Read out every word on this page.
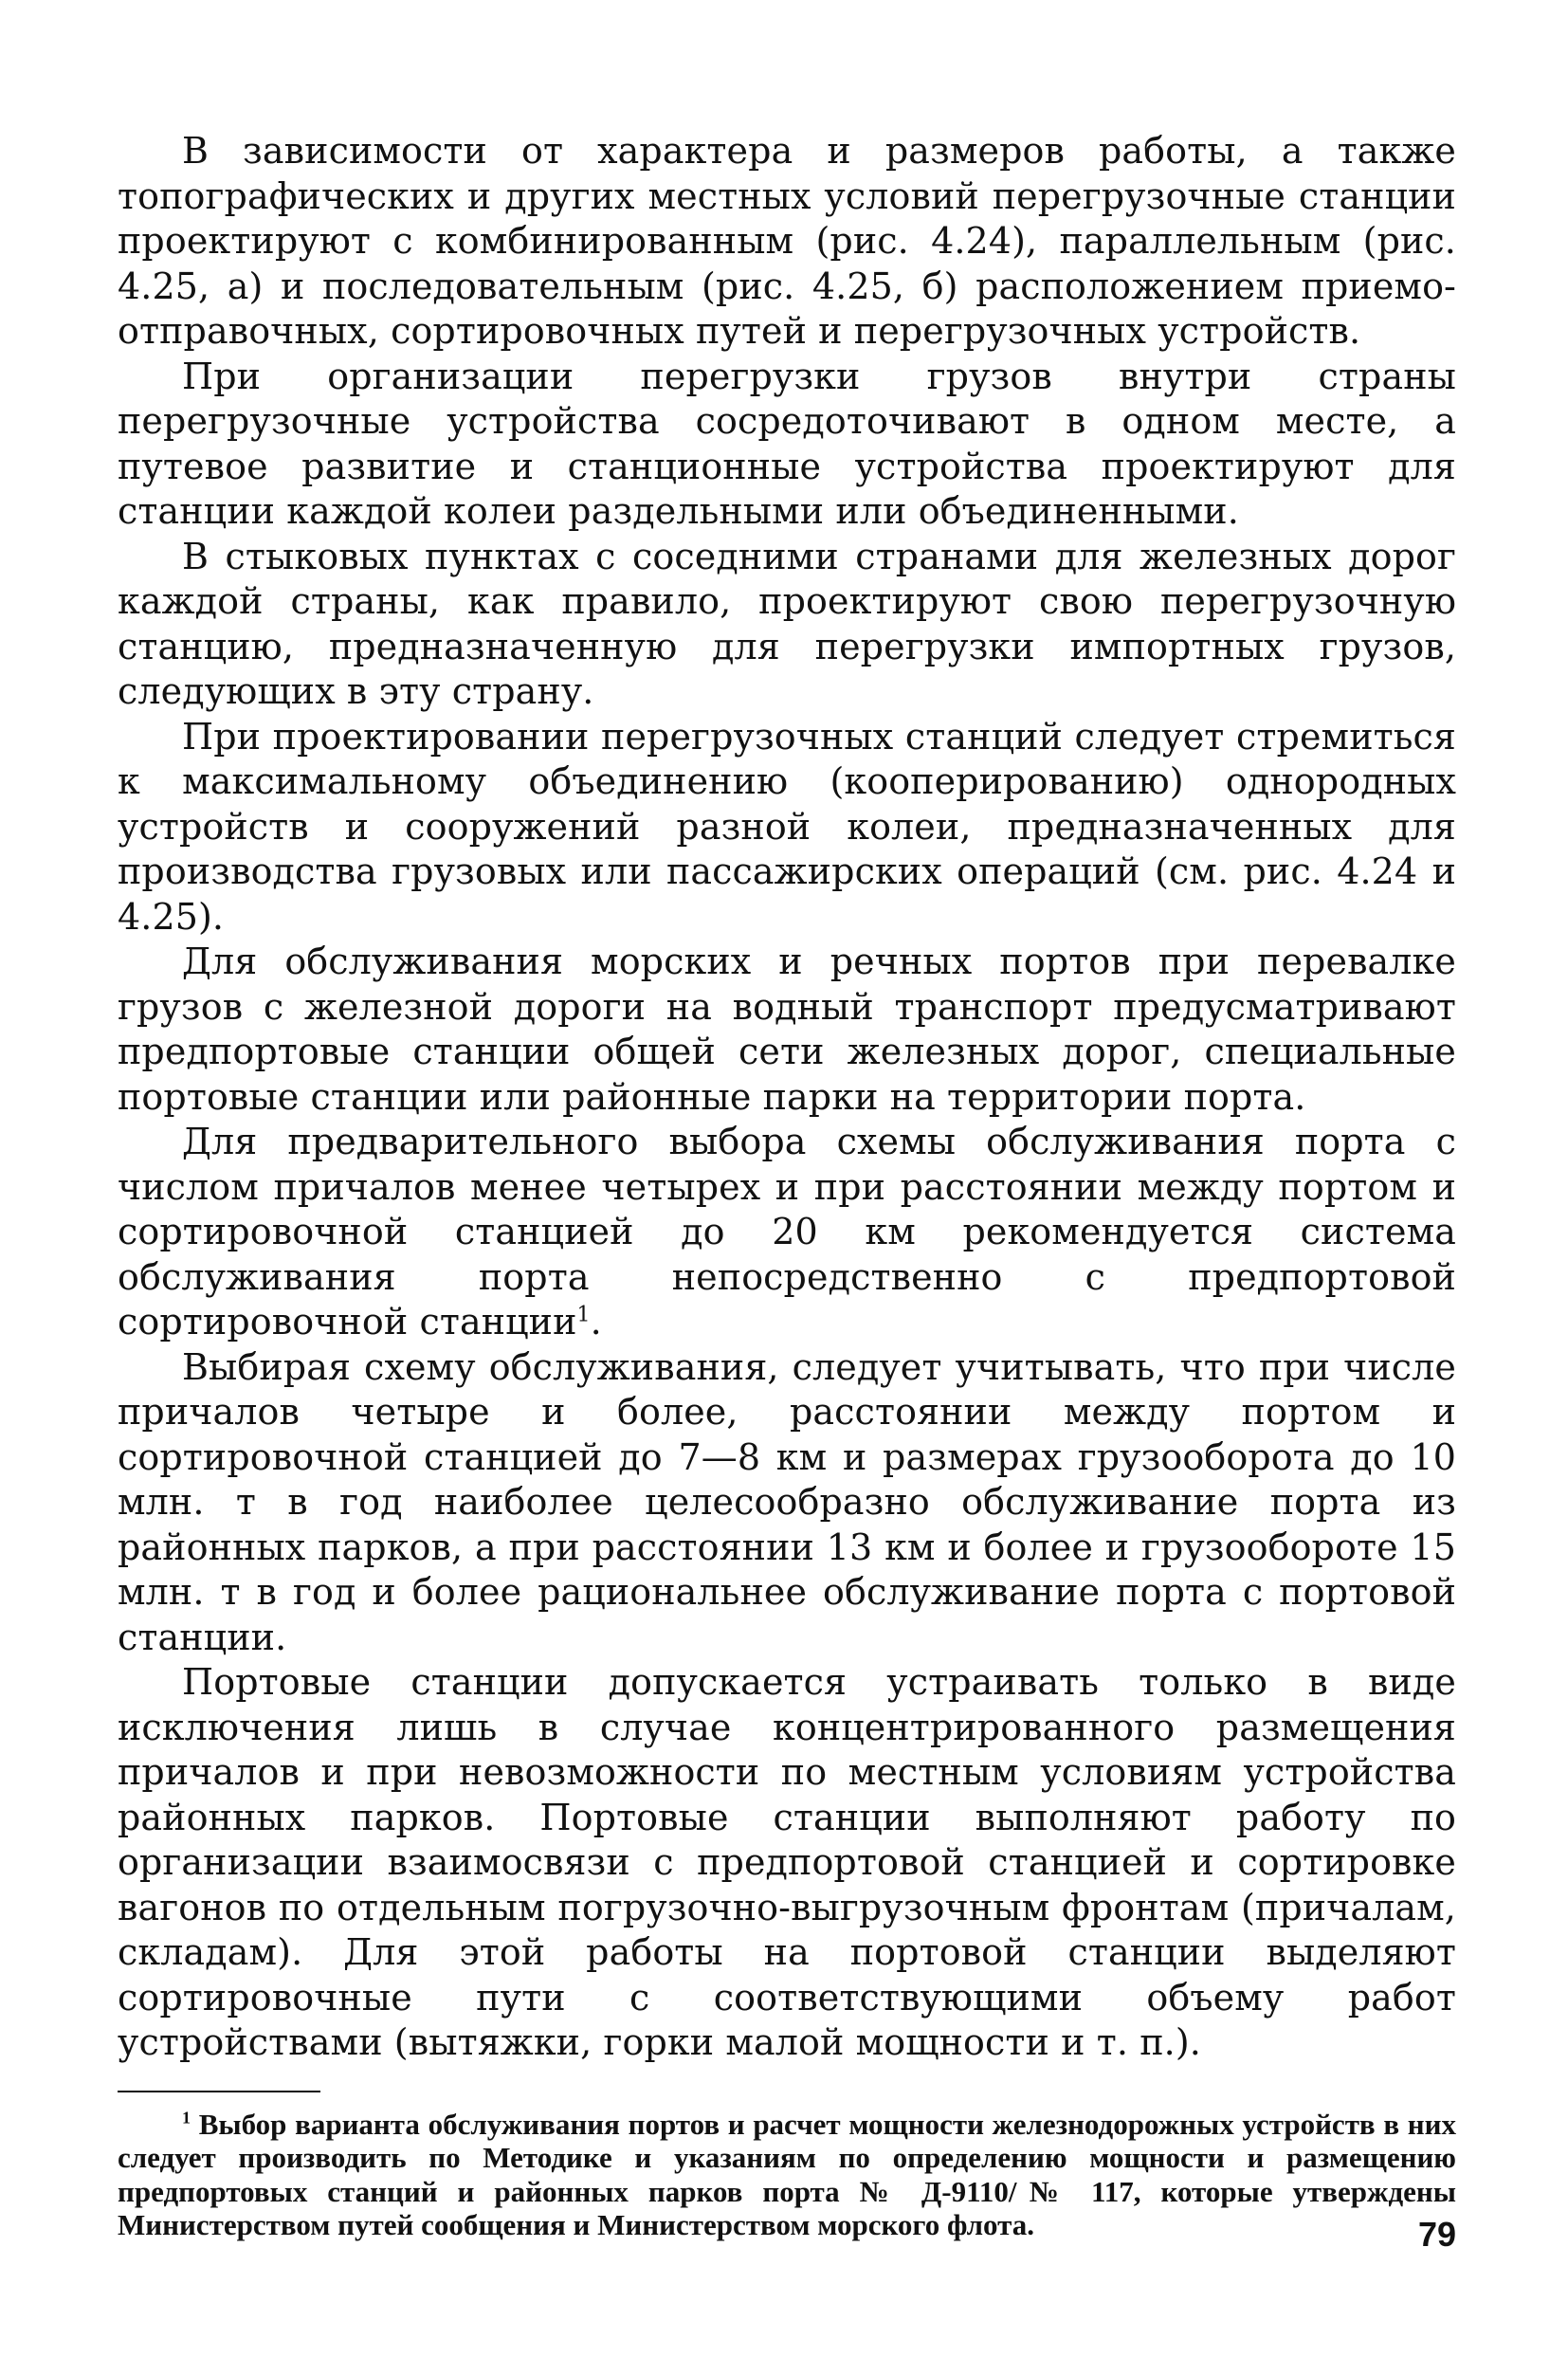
В зависимости от характера и размеров работы, а также топографических и других местных условий перегрузочные станции проектируют с комбинированным (рис. 4.24), параллельным (рис. 4.25, а) и последовательным (рис. 4.25, б) расположением приемо-отправочных, сортировочных путей и перегрузочных устройств.

При организации перегрузки грузов внутри страны перегрузочные устройства сосредоточивают в одном месте, а путевое развитие и станционные устройства проектируют для станции каждой колеи раздельными или объединенными.

В стыковых пунктах с соседними странами для железных дорог каждой страны, как правило, проектируют свою перегрузочную станцию, предназначенную для перегрузки импортных грузов, следующих в эту страну.

При проектировании перегрузочных станций следует стремиться к максимальному объединению (кооперированию) однородных устройств и сооружений разной колеи, предназначенных для производства грузовых или пассажирских операций (см. рис. 4.24 и 4.25).

Для обслуживания морских и речных портов при перевалке грузов с железной дороги на водный транспорт предусматривают предпортовые станции общей сети железных дорог, специальные портовые станции или районные парки на территории порта.

Для предварительного выбора схемы обслуживания порта с числом причалов менее четырех и при расстоянии между портом и сортировочной станцией до 20 км рекомендуется система обслуживания порта непосредственно с предпортовой сортировочной станции$^1$.

Выбирая схему обслуживания, следует учитывать, что при числе причалов четыре и более, расстоянии между портом и сортировочной станцией до 7—8 км и размерах грузооборота до 10 млн. т в год наиболее целесообразно обслуживание порта из районных парков, а при расстоянии 13 км и более и грузообороте 15 млн. т в год и более рациональнее обслуживание порта с портовой станции.

Портовые станции допускается устраивать только в виде исключения лишь в случае концентрированного размещения причалов и при невозможности по местным условиям устройства районных парков. Портовые станции выполняют работу по организации взаимосвязи с предпортовой станцией и сортировке вагонов по отдельным погрузочно-выгрузочным фронтам (причалам, складам). Для этой работы на портовой станции выделяют сортировочные пути с соответствующими объему работ устройствами (вытяжки, горки малой мощности и т. п.).

$^1$ Выбор варианта обслуживания портов и расчет мощности железнодорожных устройств в них следует производить по Методике и указаниям по определению мощности и размещению предпортовых станций и районных парков порта № Д-9110/№ 117, которые утверждены Министерством путей сообщения и Министерством морского флота.	79
